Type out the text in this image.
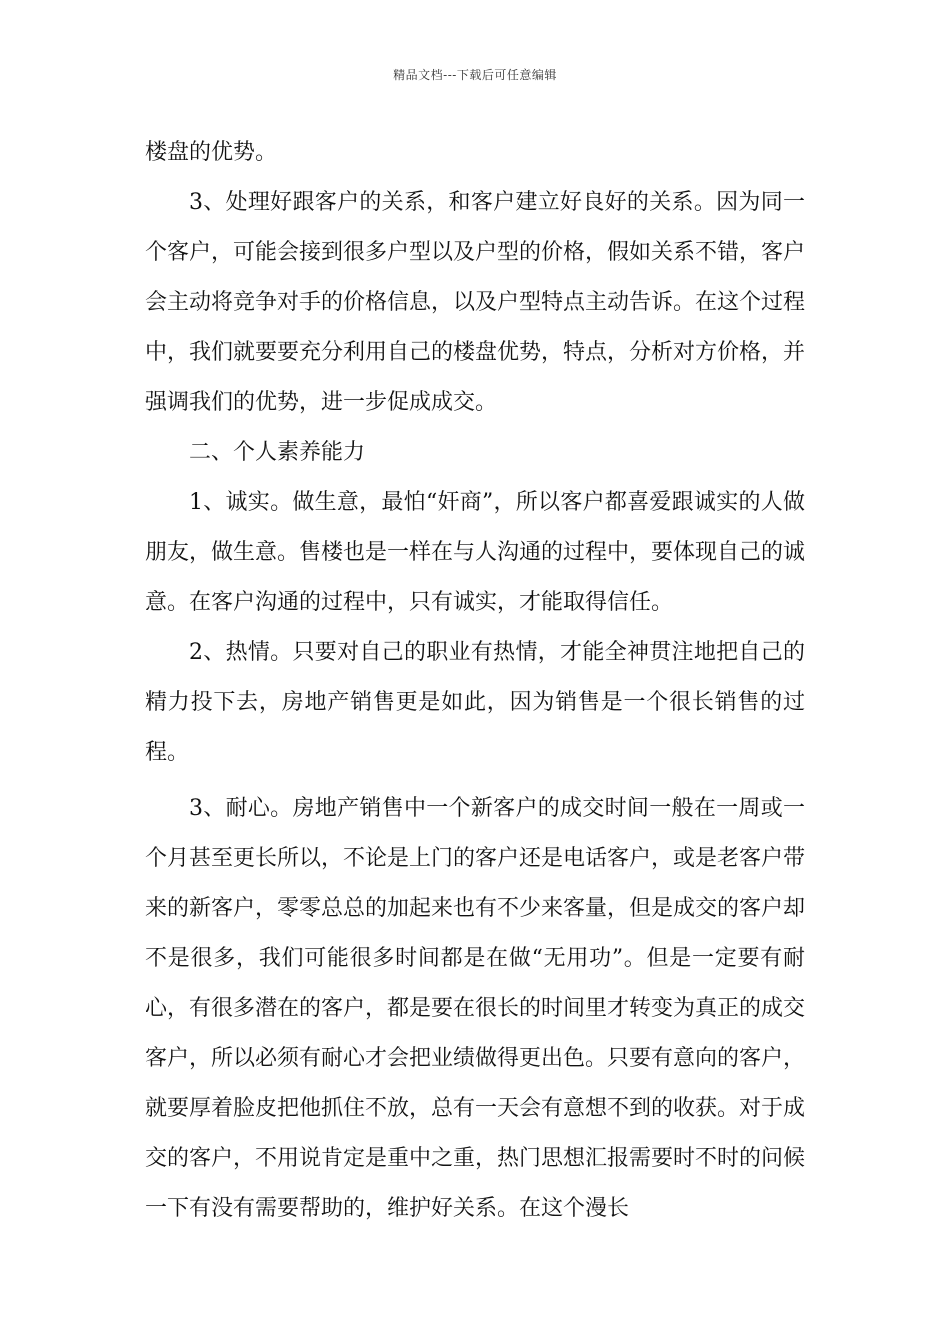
精品文档---下载后可任意编辑

楼盘的优势。

3、处理好跟客户的关系，和客户建立好良好的关系。因为同一个客户，可能会接到很多户型以及户型的价格，假如关系不错，客户会主动将竞争对手的价格信息，以及户型特点主动告诉。在这个过程中，我们就要要充分利用自己的楼盘优势，特点，分析对方价格，并强调我们的优势，进一步促成成交。

二、个人素养能力

1、诚实。做生意，最怕“奸商”，所以客户都喜爱跟诚实的人做朋友，做生意。售楼也是一样在与人沟通的过程中，要体现自己的诚意。在客户沟通的过程中，只有诚实，才能取得信任。

2、热情。只要对自己的职业有热情，才能全神贯注地把自己的精力投下去，房地产销售更是如此，因为销售是一个很长销售的过程。

3、耐心。房地产销售中一个新客户的成交时间一般在一周或一个月甚至更长所以，不论是上门的客户还是电话客户，或是老客户带来的新客户，零零总总的加起来也有不少来客量，但是成交的客户却不是很多，我们可能很多时间都是在做“无用功”。但是一定要有耐心，有很多潜在的客户，都是要在很长的时间里才转变为真正的成交客户，所以必须有耐心才会把业绩做得更出色。只要有意向的客户，就要厚着脸皮把他抓住不放，总有一天会有意想不到的收获。对于成交的客户，不用说肯定是重中之重，热门思想汇报需要时不时的问候一下有没有需要帮助的，维护好关系。在这个漫长
